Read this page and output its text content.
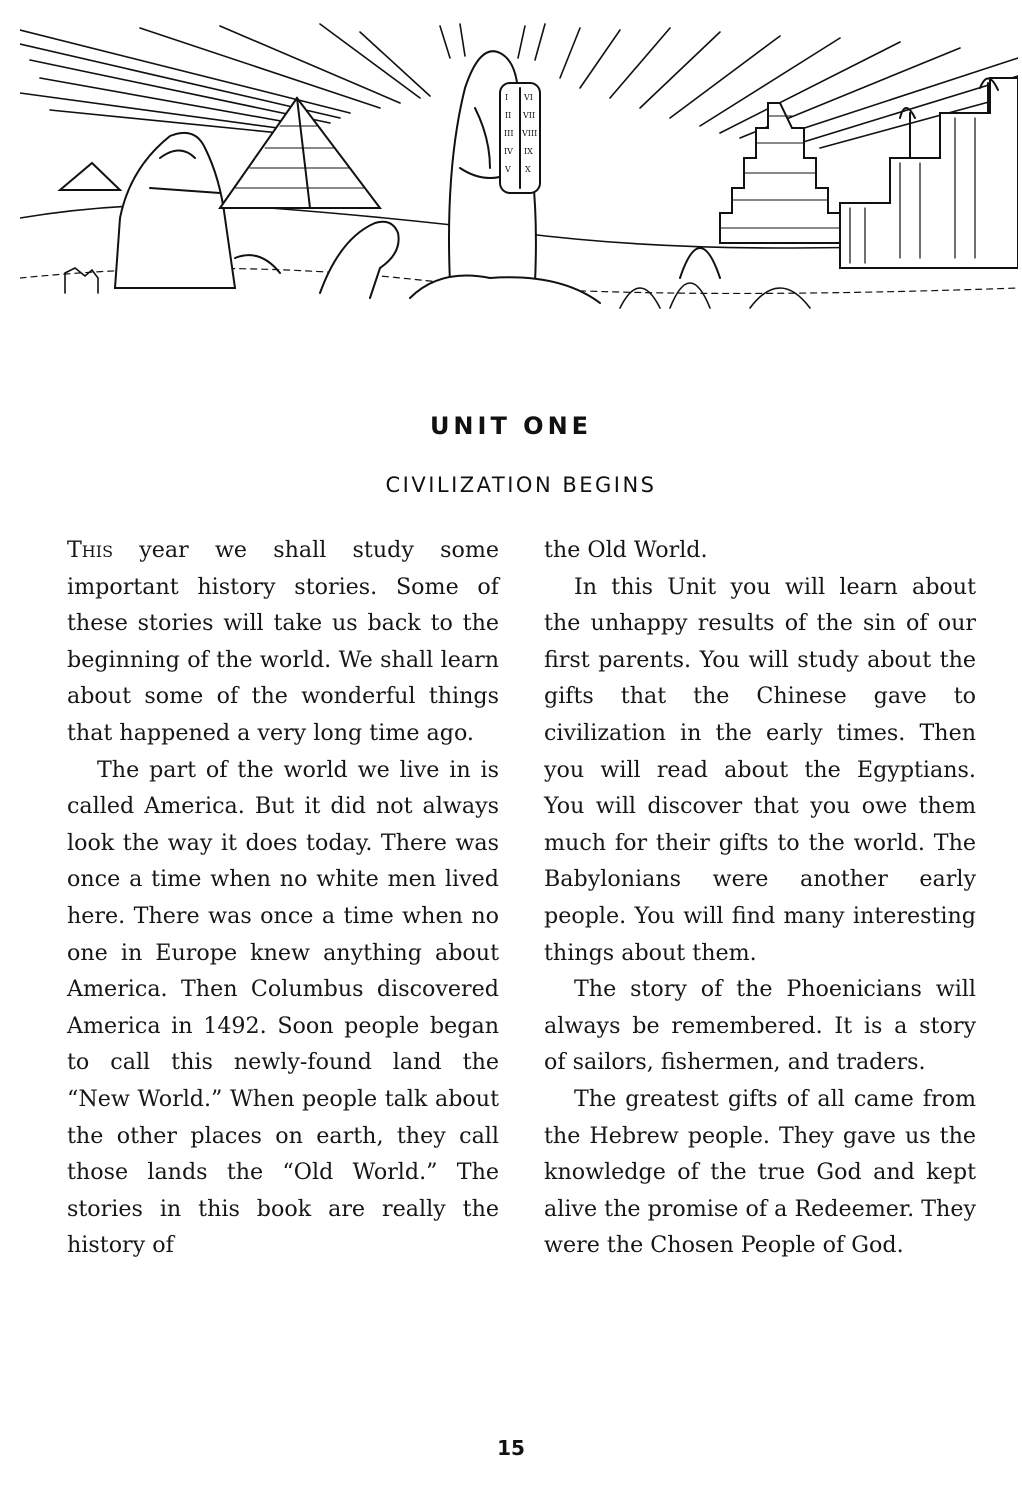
I
II
III
IV
V
VI
VII
VIII
IX
X
UNIT ONE
CIVILIZATION BEGINS

This year we shall study some important history stories. Some of these stories will take us back to the beginning of the world. We shall learn about some of the wonderful things that happened a very long time ago.

The part of the world we live in is called America. But it did not always look the way it does today. There was once a time when no white men lived here. There was once a time when no one in Europe knew anything about America. Then Columbus discovered America in 1492. Soon people began to call this newly-found land the “New World.” When people talk about the other places on earth, they call those lands the “Old World.” The stories in this book are really the history of

the Old World.

In this Unit you will learn about the unhappy results of the sin of our first parents. You will study about the gifts that the Chinese gave to civilization in the early times. Then you will read about the Egyptians. You will discover that you owe them much for their gifts to the world. The Babylonians were another early people. You will find many interesting things about them.

The story of the Phoenicians will always be remembered. It is a story of sailors, fishermen, and traders.

The greatest gifts of all came from the Hebrew people. They gave us the knowledge of the true God and kept alive the promise of a Redeemer. They were the Chosen People of God.

15
